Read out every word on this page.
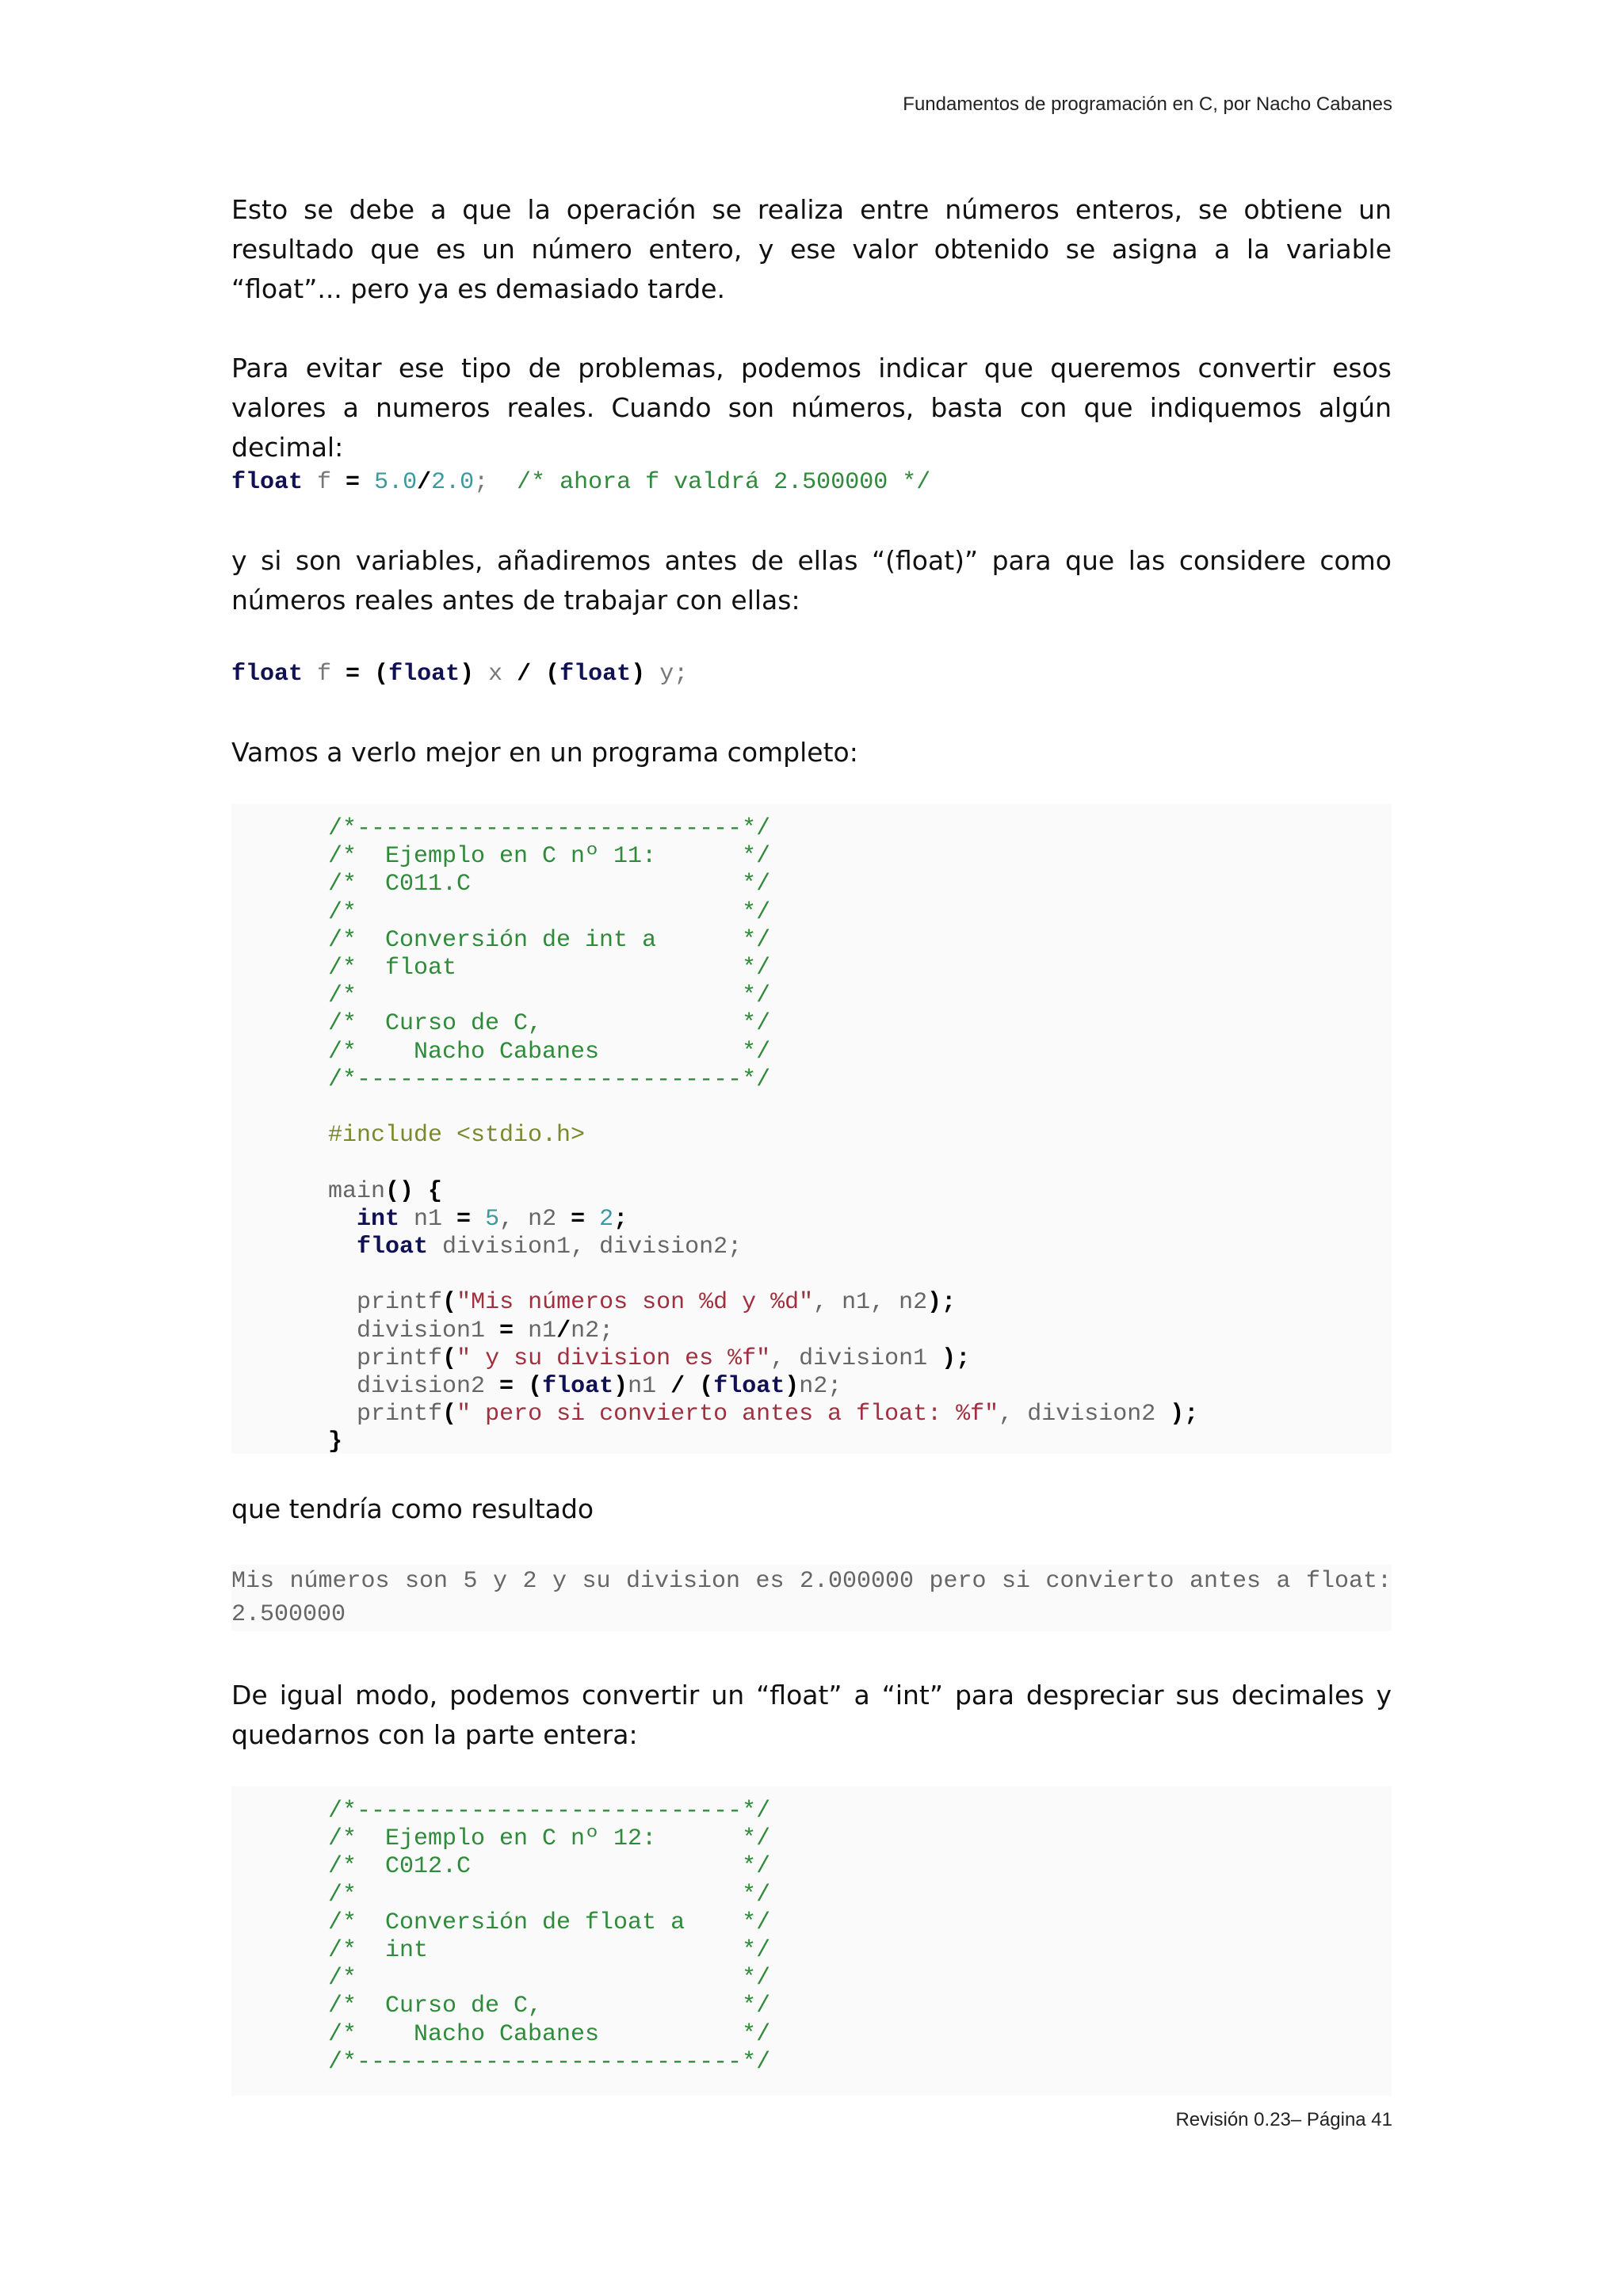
Fundamentos de programación en C, por Nacho Cabanes

Esto se debe a que la operación se realiza entre números enteros, se obtiene un resultado que es un número entero, y ese valor obtenido se asigna a la variable “float”... pero ya es demasiado tarde.

Para evitar ese tipo de problemas, podemos indicar que queremos convertir esos valores a numeros reales. Cuando son números, basta con que indiquemos algún decimal:

float f = 5.0/2.0;  /* ahora f valdrá 2.500000 */

y si son variables, añadiremos antes de ellas “(float)” para que las considere como números reales antes de trabajar con ellas:

float f = (float) x / (float) y;

Vamos a verlo mejor en un programa completo:

/*---------------------------*/
/*  Ejemplo en C nº 11:      */
/*  C011.C                   */
/*                           */
/*  Conversión de int a      */
/*  float                    */
/*                           */
/*  Curso de C,              */
/*    Nacho Cabanes          */
/*---------------------------*/

#include <stdio.h>

main() {
int n1 = 5, n2 = 2;
float division1, division2;

printf("Mis números son %d y %d", n1, n2);
division1 = n1/n2;
printf(" y su division es %f", division1 );
division2 = (float)n1 / (float)n2;
printf(" pero si convierto antes a float: %f", division2 );
}

que tendría como resultado

Mis números son 5 y 2 y su division es 2.000000 pero si convierto antes a float: 2.500000

De igual modo, podemos convertir un “float” a “int” para despreciar sus decimales y quedarnos con la parte entera:

/*---------------------------*/
/*  Ejemplo en C nº 12:      */
/*  C012.C                   */
/*                           */
/*  Conversión de float a    */
/*  int                      */
/*                           */
/*  Curso de C,              */
/*    Nacho Cabanes          */
/*---------------------------*/
Revisión 0.23– Página 41
